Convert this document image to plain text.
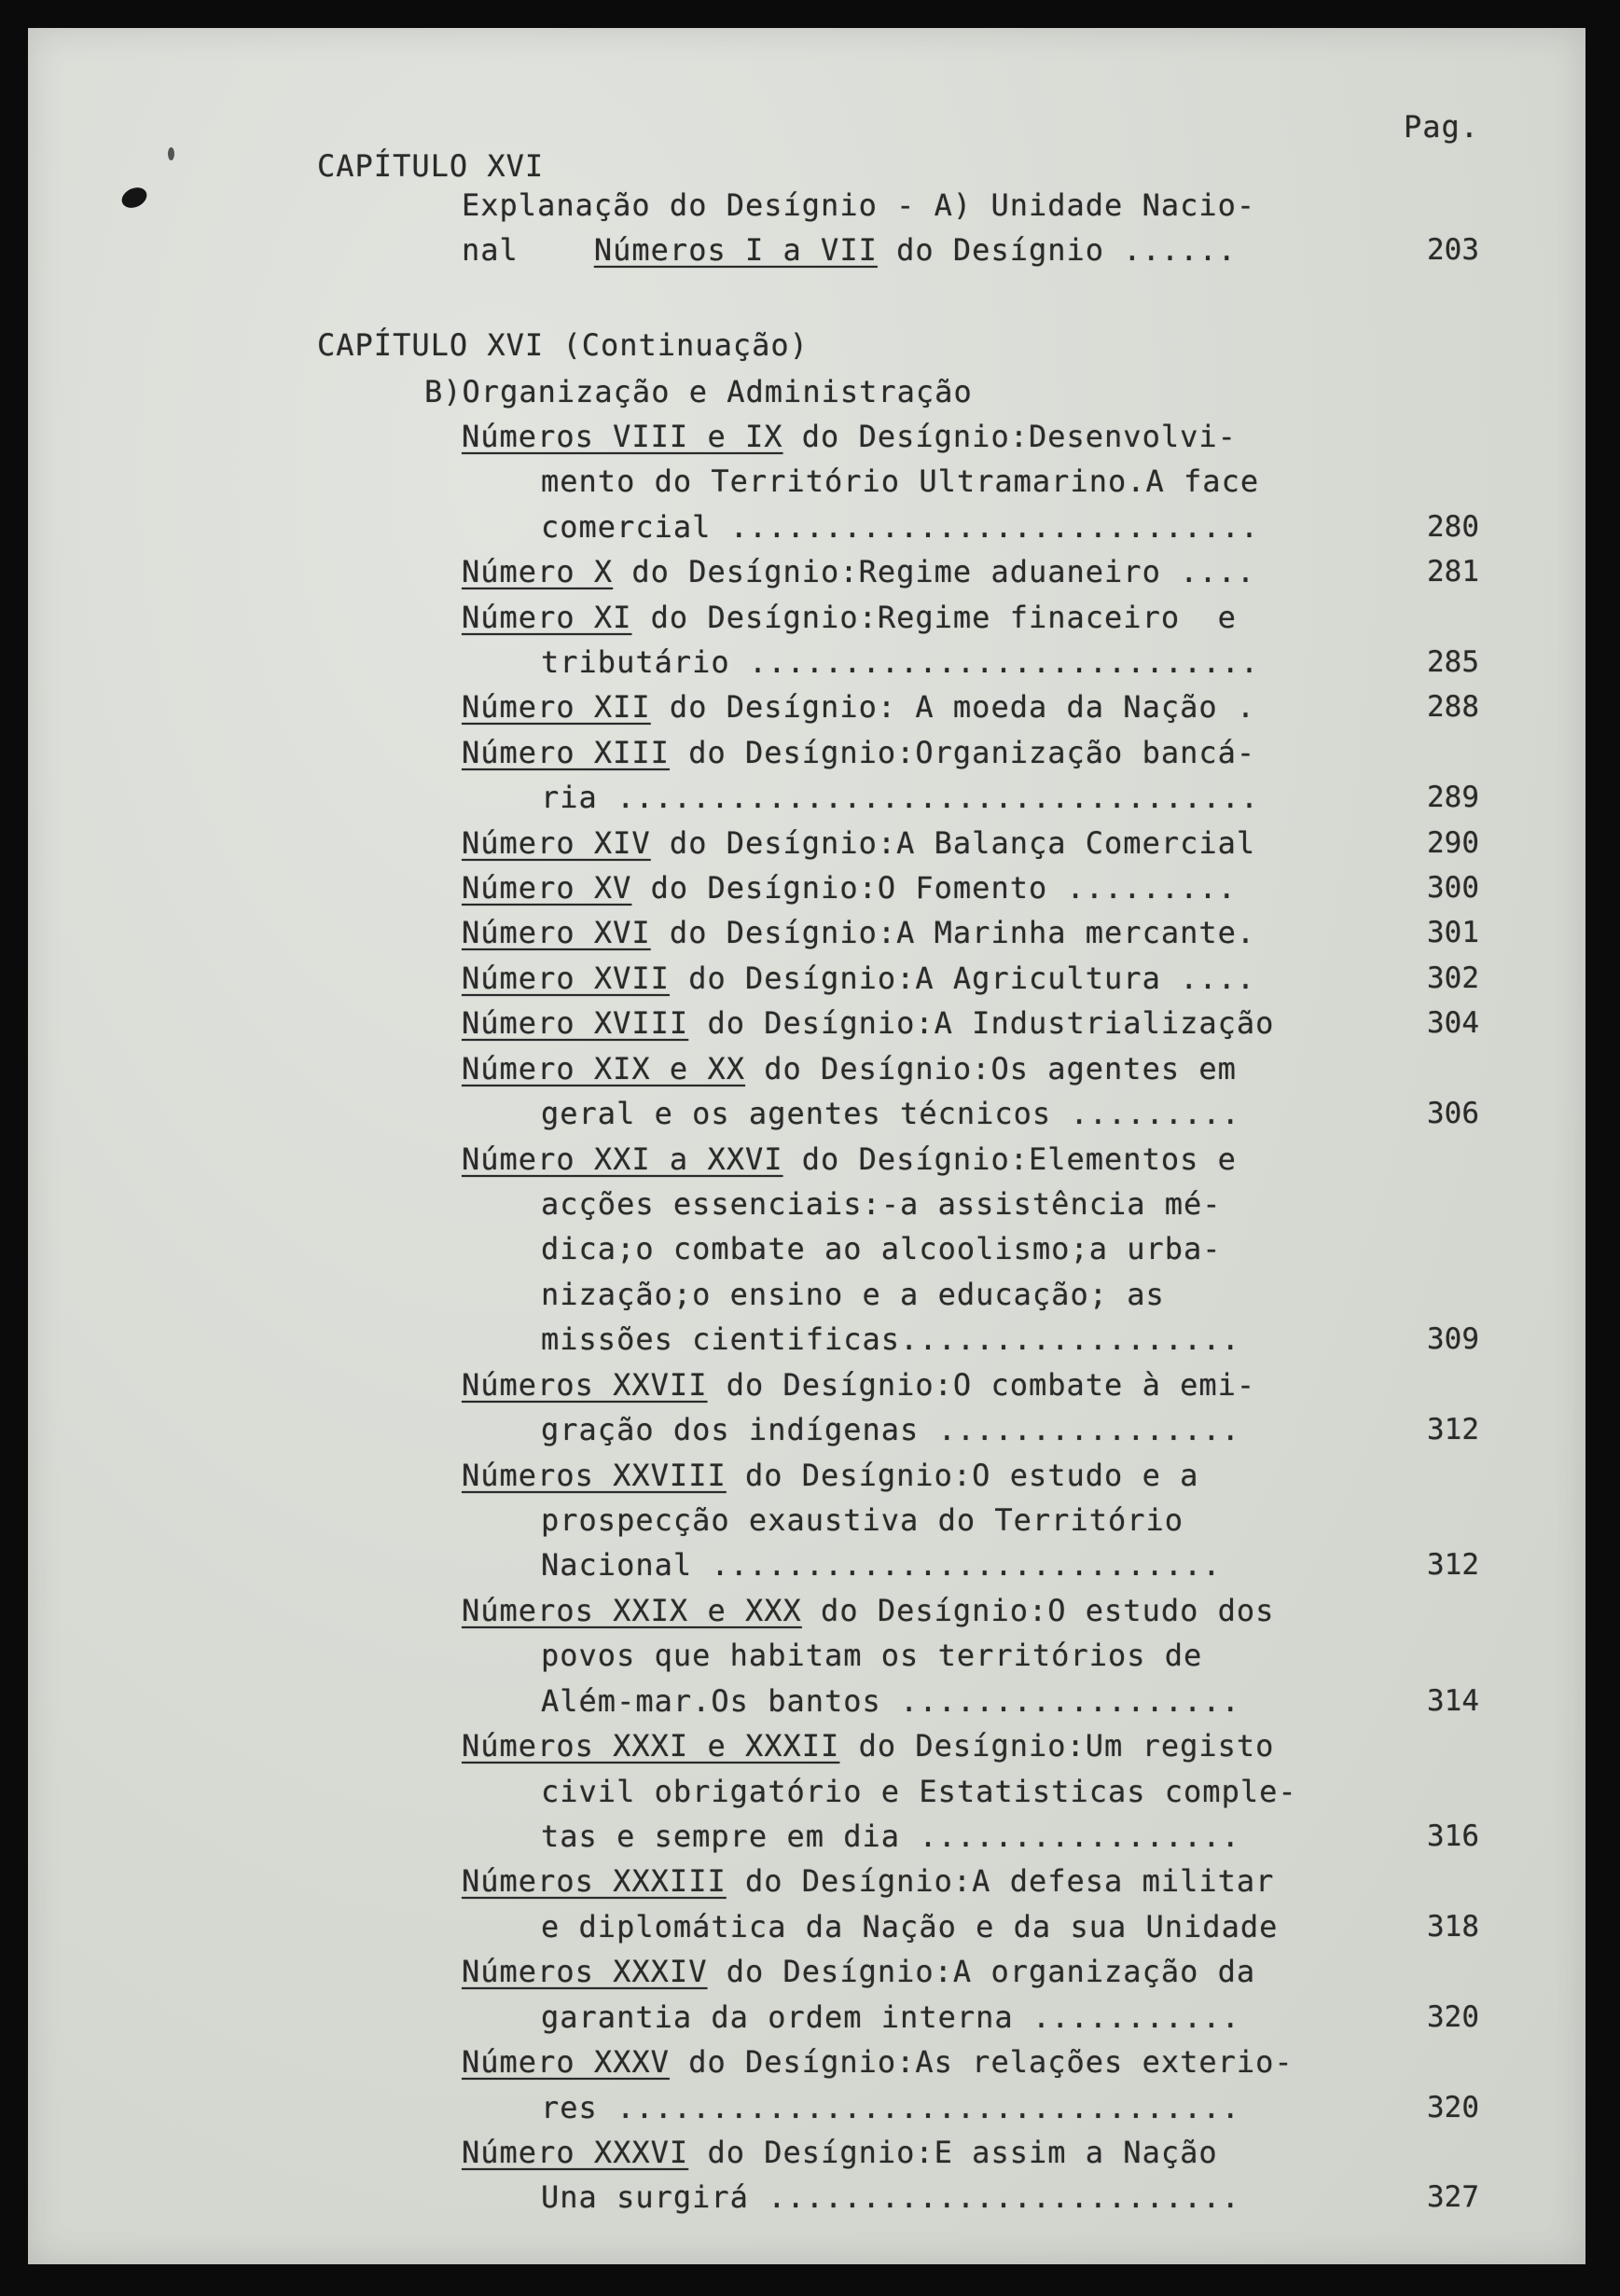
Pag.
CAPÍTULO XVI
CAPÍTULO XVI (Continuação)
B)Organização e Administração
Explanação do Desígnio - A) Unidade Nacio-
nal    Números I a VII do Desígnio ......	203
Números VIII e IX do Desígnio:Desenvolvi-
mento do Território Ultramarino.A face
comercial ............................	280
Número X do Desígnio:Regime aduaneiro ....	281
Número XI do Desígnio:Regime finaceiro  e
tributário ...........................	285
Número XII do Desígnio: A moeda da Nação .	288
Número XIII do Desígnio:Organização bancá-
ria ..................................	289
Número XIV do Desígnio:A Balança Comercial	290
Número XV do Desígnio:O Fomento .........	300
Número XVI do Desígnio:A Marinha mercante.	301
Número XVII do Desígnio:A Agricultura ....	302
Número XVIII do Desígnio:A Industrialização	304
Número XIX e XX do Desígnio:Os agentes em
geral e os agentes técnicos .........	306
Número XXI a XXVI do Desígnio:Elementos e
acções essenciais:-a assistência mé-
dica;o combate ao alcoolismo;a urba-
nização;o ensino e a educação; as
missões cientificas..................	309
Números XXVII do Desígnio:O combate à emi-
gração dos indígenas ................	312
Números XXVIII do Desígnio:O estudo e a
prospecção exaustiva do Território
Nacional ...........................	312
Números XXIX e XXX do Desígnio:O estudo dos
povos que habitam os territórios de
Além-mar.Os bantos ..................	314
Números XXXI e XXXII do Desígnio:Um registo
civil obrigatório e Estatisticas comple-
tas e sempre em dia .................	316
Números XXXIII do Desígnio:A defesa militar
e diplomática da Nação e da sua Unidade	318
Números XXXIV do Desígnio:A organização da
garantia da ordem interna ...........	320
Número XXXV do Desígnio:As relações exterio-
res .................................	320
Número XXXVI do Desígnio:E assim a Nação
Una surgirá .........................	327
